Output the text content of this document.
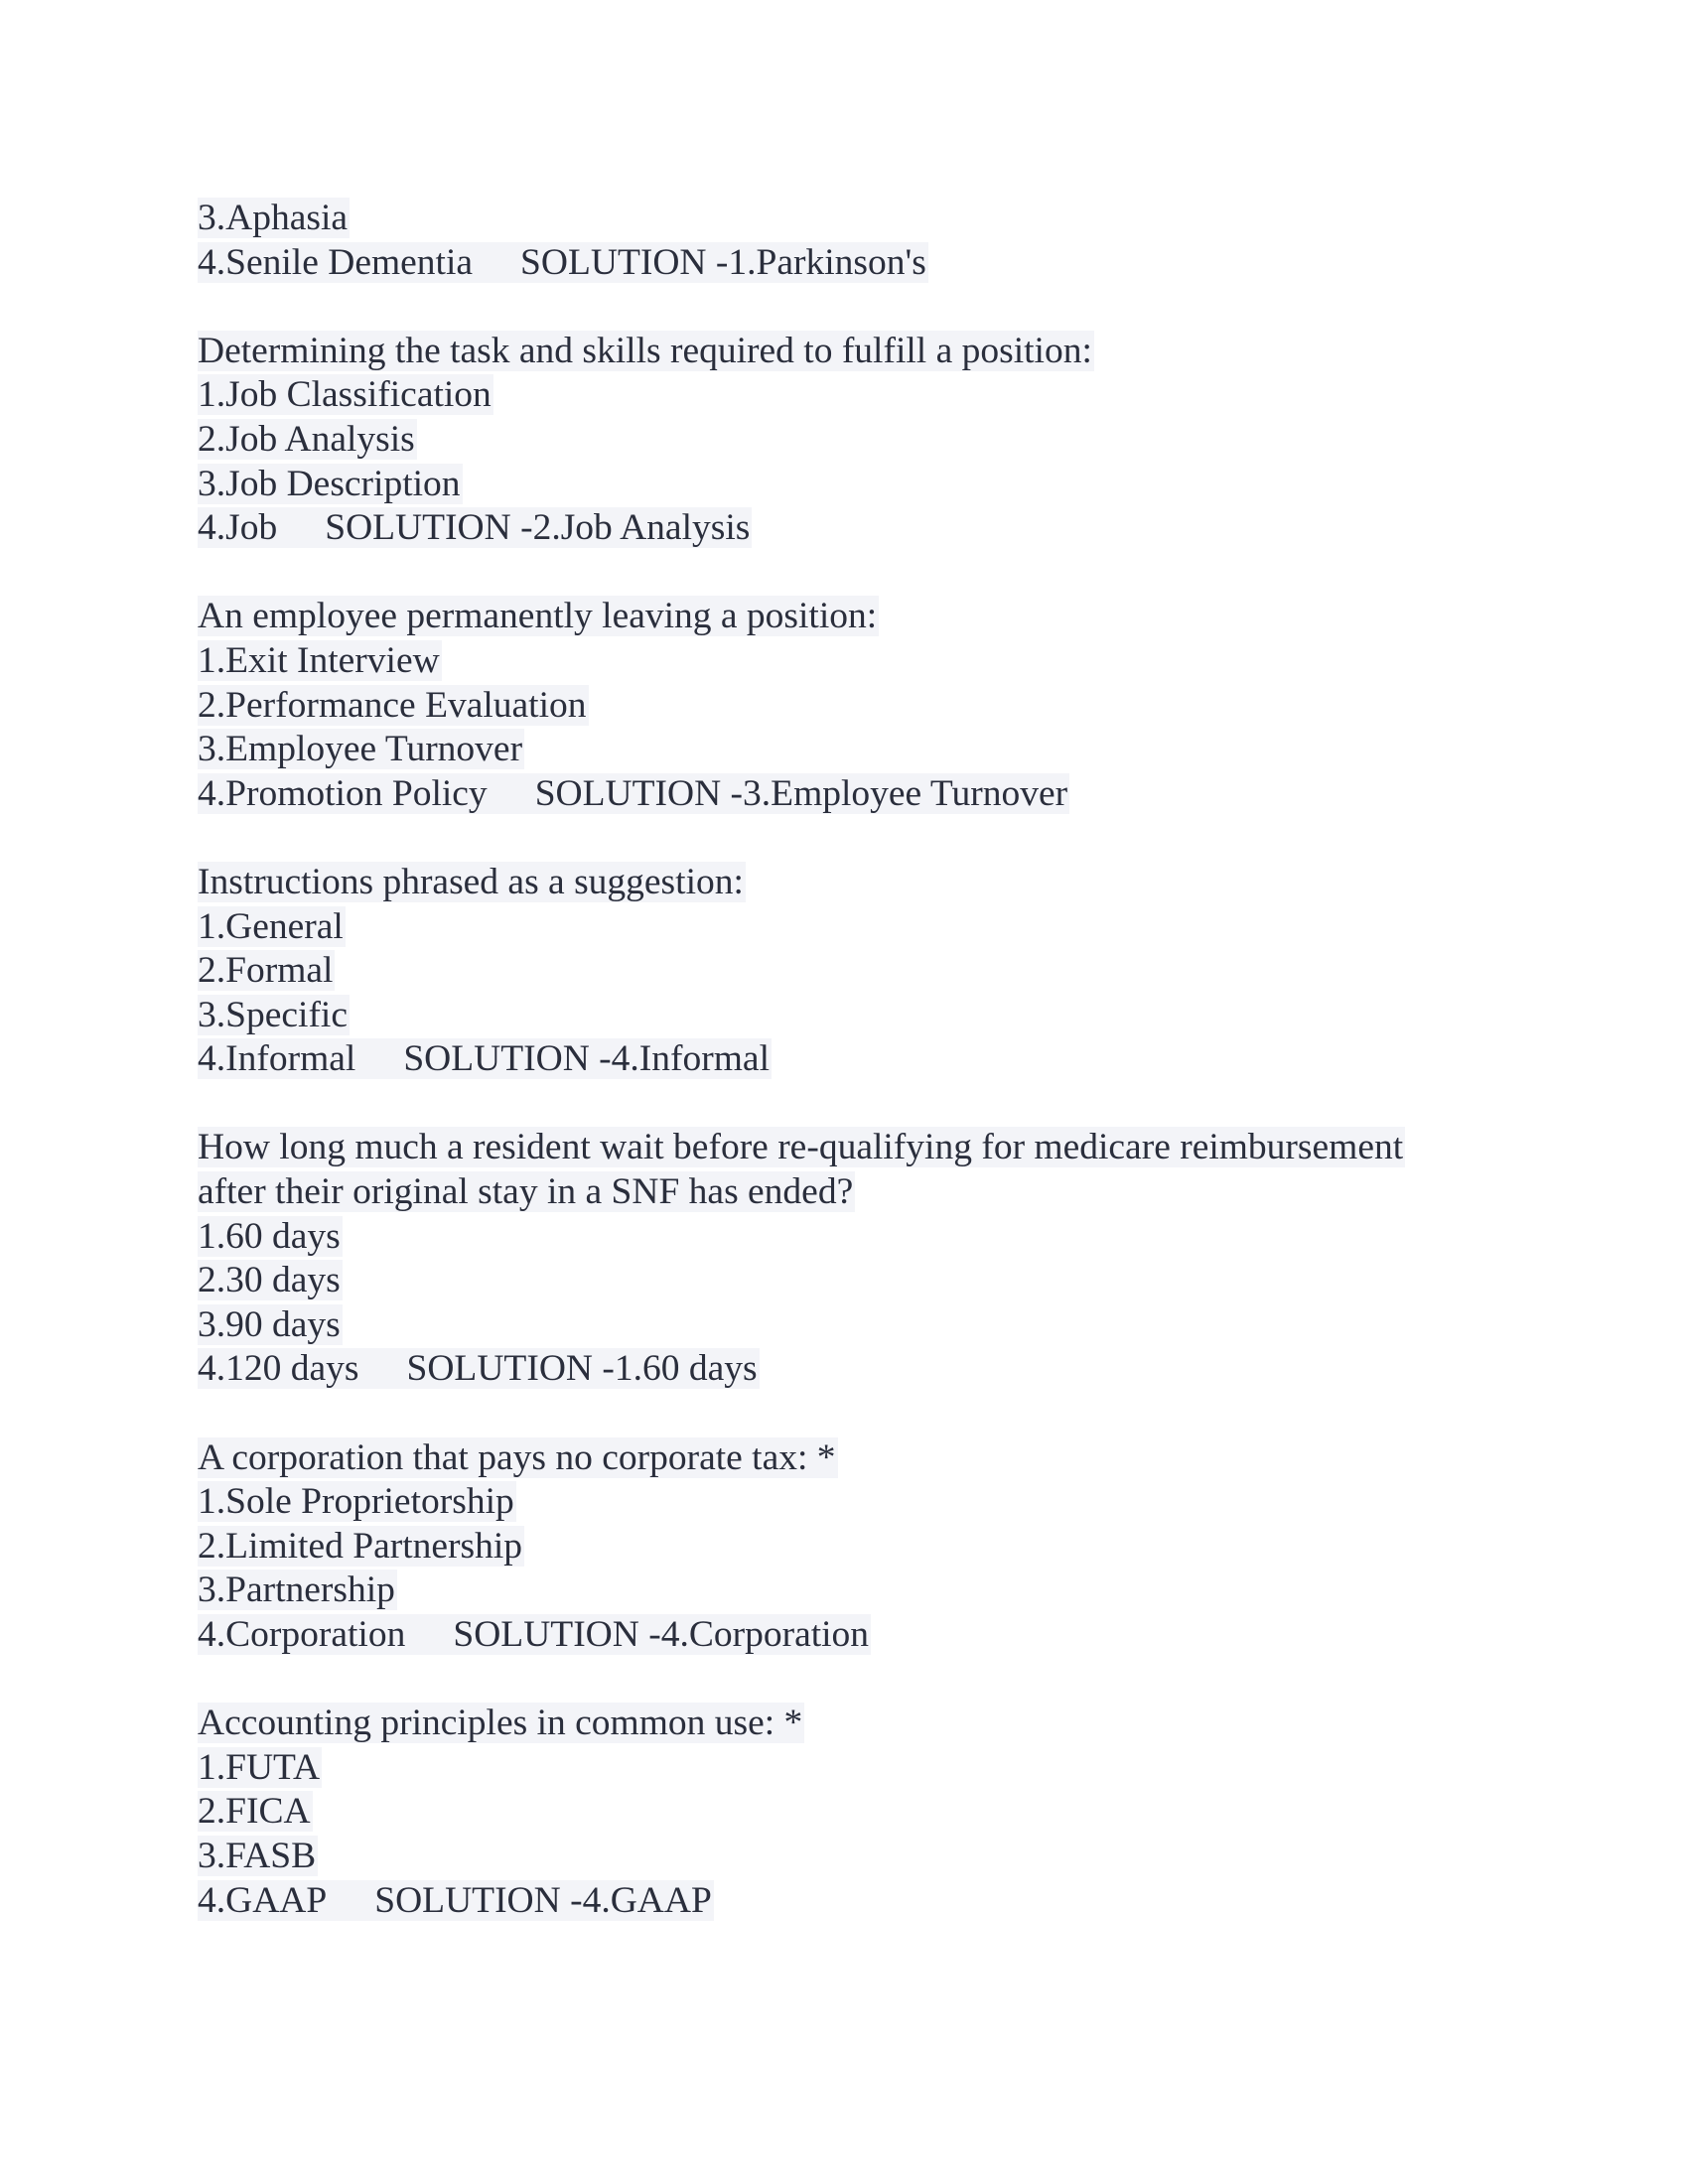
3.Aphasia
4.Senile Dementia SOLUTION -1.Parkinson's
Determining the task and skills required to fulfill a position:
1.Job Classification
2.Job Analysis
3.Job Description
4.Job SOLUTION -2.Job Analysis
An employee permanently leaving a position:
1.Exit Interview
2.Performance Evaluation
3.Employee Turnover
4.Promotion Policy SOLUTION -3.Employee Turnover
Instructions phrased as a suggestion:
1.General
2.Formal
3.Specific
4.Informal SOLUTION -4.Informal
How long much a resident wait before re-qualifying for medicare reimbursement
after their original stay in a SNF has ended?
1.60 days
2.30 days
3.90 days
4.120 days SOLUTION -1.60 days
A corporation that pays no corporate tax: *
1.Sole Proprietorship
2.Limited Partnership
3.Partnership
4.Corporation SOLUTION -4.Corporation
Accounting principles in common use: *
1.FUTA
2.FICA
3.FASB
4.GAAP SOLUTION -4.GAAP
